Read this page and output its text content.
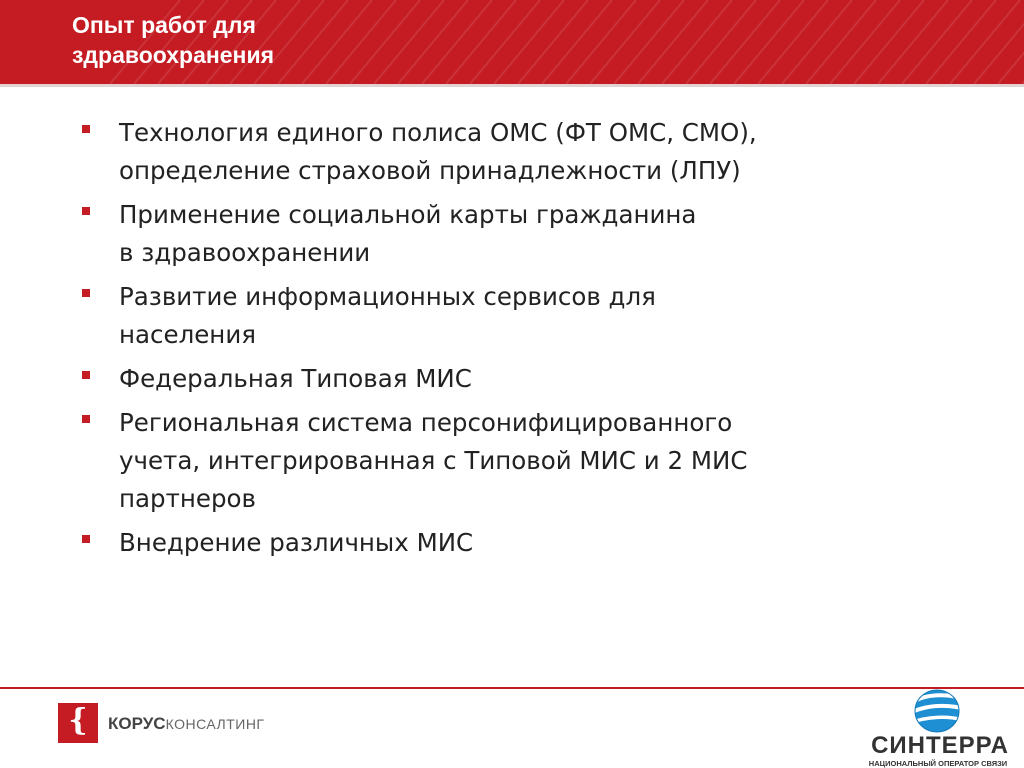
Опыт работ для
здравоохранения
Технология единого полиса ОМС (ФТ ОМС, СМО),
определение страховой принадлежности (ЛПУ)
Применение социальной карты гражданина
в здравоохранении
Развитие информационных сервисов для
населения
Федеральная Типовая МИС
Региональная система персонифицированного
учета, интегрированная с Типовой МИС и 2 МИС
партнеров
Внедрение различных МИС
{	КОРУСКОНСАЛТИНГ
СИНТЕРРА
НАЦИОНАЛЬНЫЙ ОПЕРАТОР СВЯЗИ
